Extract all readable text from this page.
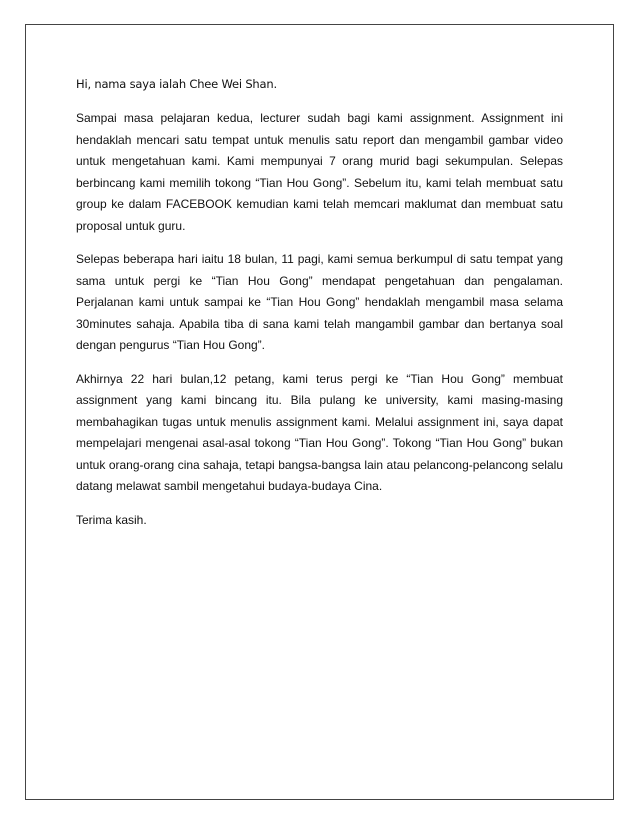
Hi, nama saya ialah Chee Wei Shan.

Sampai masa pelajaran kedua, lecturer sudah bagi kami assignment. Assignment ini hendaklah mencari satu tempat untuk menulis satu report dan mengambil gambar video untuk mengetahuan kami. Kami mempunyai 7 orang murid bagi sekumpulan. Selepas berbincang kami memilih tokong “Tian Hou Gong”. Sebelum itu, kami telah membuat satu group ke dalam FACEBOOK kemudian kami telah memcari maklumat dan membuat satu proposal untuk guru.

Selepas beberapa hari iaitu 18 bulan, 11 pagi, kami semua berkumpul di satu tempat yang sama untuk pergi ke “Tian Hou Gong” mendapat pengetahuan dan pengalaman. Perjalanan kami untuk sampai ke “Tian Hou Gong” hendaklah mengambil masa selama 30minutes sahaja. Apabila tiba di sana kami telah mangambil gambar dan bertanya soal dengan pengurus “Tian Hou Gong”.

Akhirnya 22 hari bulan,12 petang, kami terus pergi ke “Tian Hou Gong” membuat assignment yang kami bincang itu. Bila pulang ke university, kami masing-masing membahagikan tugas untuk menulis assignment kami. Melalui assignment ini, saya dapat mempelajari mengenai asal-asal tokong “Tian Hou Gong”. Tokong “Tian Hou Gong” bukan untuk orang-orang cina sahaja, tetapi bangsa-bangsa lain atau pelancong-pelancong selalu datang melawat sambil mengetahui budaya-budaya Cina.

Terima kasih.
